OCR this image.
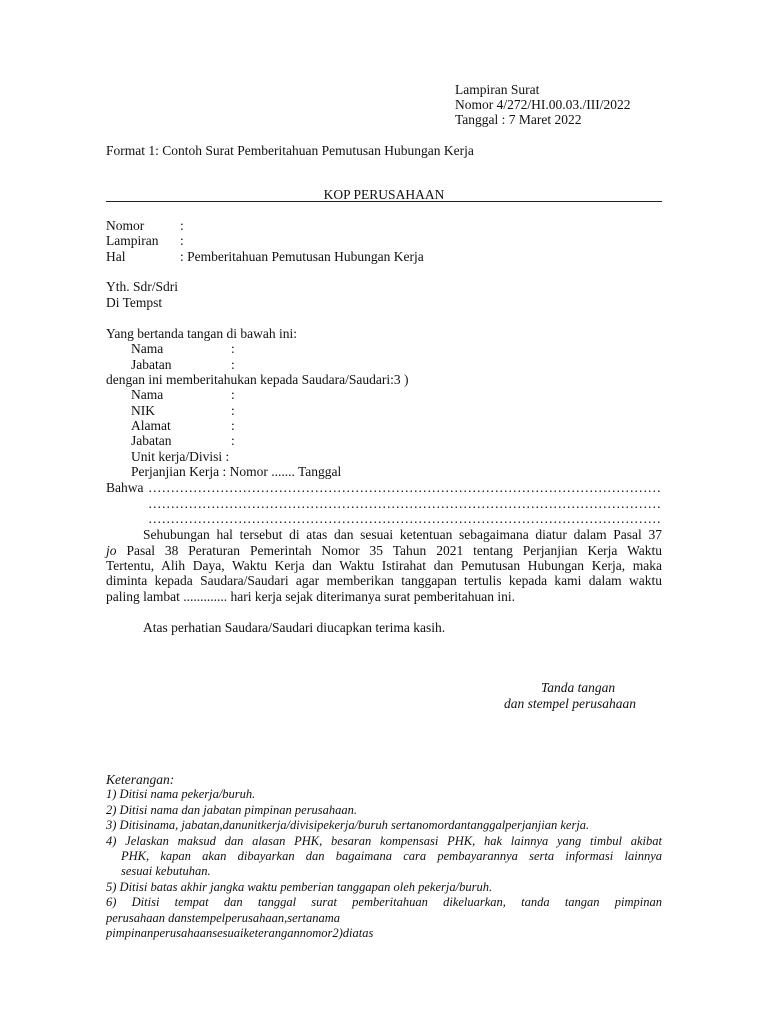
Lampiran Surat
Nomor 4/272/HI.00.03./III/2022
Tanggal : 7 Maret 2022
Format 1: Contoh Surat Pemberitahuan Pemutusan Hubungan Kerja
KOP PERUSAHAAN
Nomor	:
Lampiran :
Hal	: Pemberitahuan Pemutusan Hubungan Kerja
Yth. Sdr/Sdri
Di Tempst
Yang bertanda tangan di bawah ini:
Nama	:
Jabatan	:
dengan ini memberitahukan kepada Saudara/Saudari:3 )
Nama	:
NIK	:
Alamat	:
Jabatan	:
Unit kerja/Divisi :
Perjanjian Kerja : Nomor ....... Tanggal
Bahwa ……………………………………………………………………………………………………
……………………………………………………………………………………………………
……………………………………………………………………………………………………
Sehubungan hal tersebut di atas dan sesuai ketentuan sebagaimana diatur dalam Pasal 37
jo Pasal 38 Peraturan Pemerintah Nomor 35 Tahun 2021 tentang Perjanjian Kerja Waktu
Tertentu, Alih Daya, Waktu Kerja dan Waktu Istirahat dan Pemutusan Hubungan Kerja, maka
diminta kepada Saudara/Saudari agar memberikan tanggapan tertulis kepada kami dalam waktu
paling lambat ............. hari kerja sejak diterimanya surat pemberitahuan ini.
Atas perhatian Saudara/Saudari diucapkan terima kasih.
Tanda tangan
dan stempel perusahaan
Keterangan:
1) Ditisi nama pekerja/buruh.
2) Ditisi nama dan jabatan pimpinan perusahaan.
3) Ditisinama, jabatan,danunitkerja/divisipekerja/buruh sertanomordantanggalperjanjian kerja.
4) Jelaskan maksud dan alasan PHK, besaran kompensasi PHK, hak lainnya yang timbul akibat
PHK, kapan akan dibayarkan dan bagaimana cara pembayarannya serta informasi lainnya
sesuai kebutuhan.
5) Ditisi batas akhir jangka waktu pemberian tanggapan oleh pekerja/buruh.
6) Ditisi tempat dan tanggal surat pemberitahuan dikeluarkan, tanda tangan pimpinan
perusahaan danstempelperusahaan,sertanama
pimpinanperusahaansesuaiketerangannomor2)diatas
